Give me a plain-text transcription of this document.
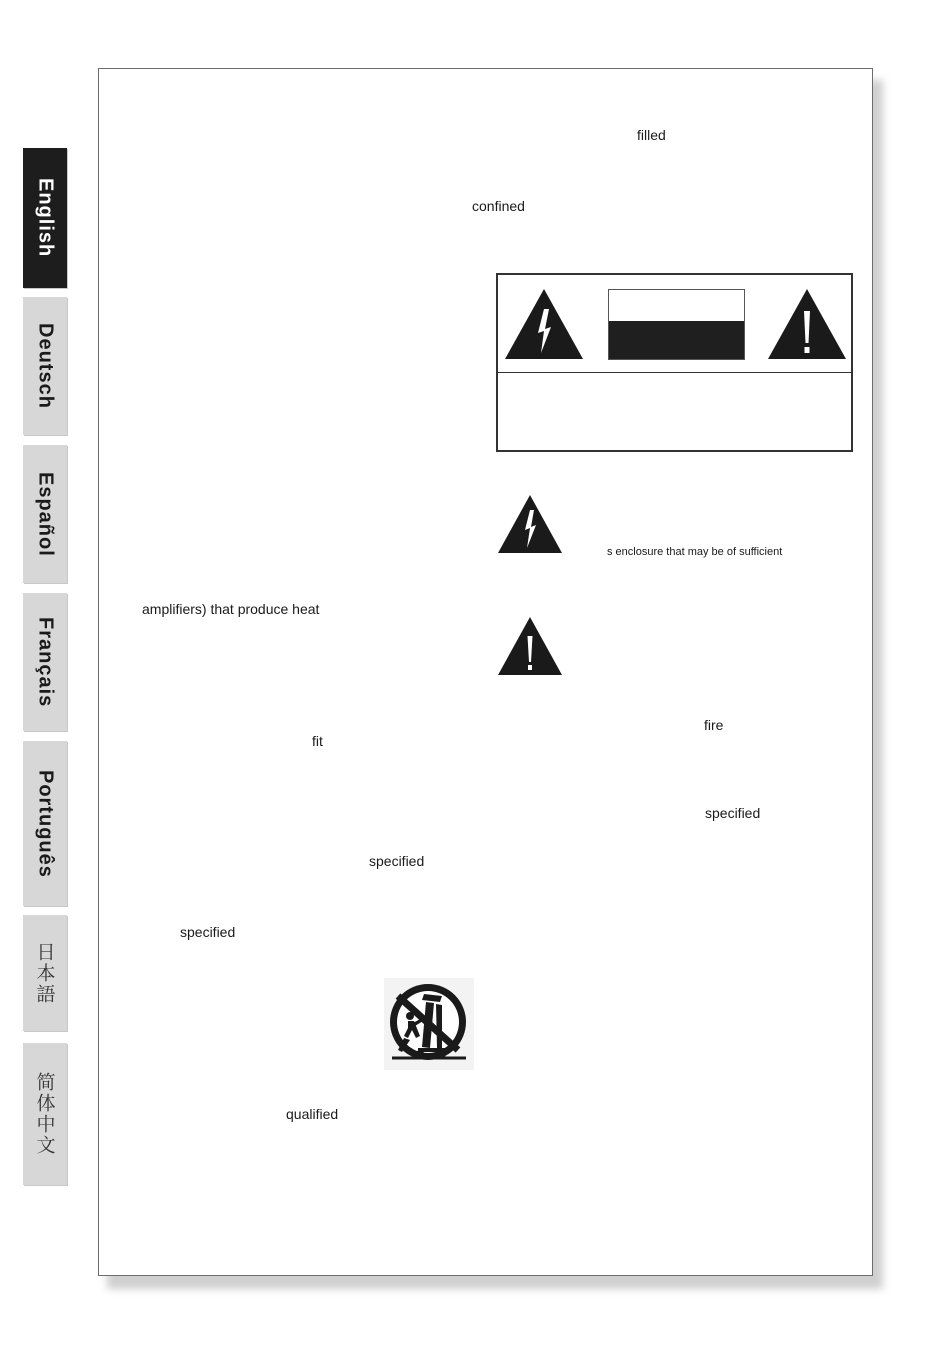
English
Deutsch
Español
Français
Português
日本語
简体中文
filled
confined
s enclosure that may be of sufficient
amplifiers) that produce heat
fire
fit
specified
specified
specified
qualified
